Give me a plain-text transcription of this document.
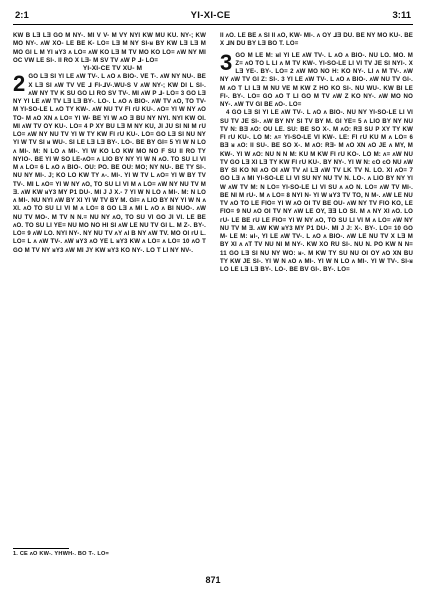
2:1	YI-XI-CE	3:11

KW B LƎ LƎ GO M NY-. MI V V- M VY NYI KW MU KU. NY-; KW MO NY-. ᴧW XO- LE BE K- LO= LƎ M NY SI-ᴚ BY KW LƎ LƎ M MO GI L M YI ᴚY3 ᴧ LO= ᴧW KO LƎ M TV MO KO LO= ᴧW NY MI OC VW LE SI-. ƖI RO X LƎ- M SV TV ᴧW P ⅃- LO=

YI-XI-CE TV XU- M

2 GO LƎ SI YI LE ᴧW TV-. L ᴧO ᴧ BIO-. VE T-. ᴧW NY NU-. BE X LƎ SI ᴧW TV VE ⅃ FI-⅃V-.WU-S V ᴧW NY-; KW DI L SI-. ᴧW NY TV K SU GO LI RO SV TV-. MI ᴧW P ⅃- LO= 3 GO LƎ NY YI LE ᴧW TV LƎ LƎ BY-. LO-. L ᴧO ᴧ BIO-. ᴧW TV ᴧO, TO TV- M YI-SO-LE L ᴧO TY KW-. ᴧW NU TV FI ᴦU KU-. ᴧO= YI W NY ᴧO TO- M ᴧO XN ᴧ LO= YI W- BE YI W ᴧO Ǝ BU NY NYI. NYI KW OI. MI ᴧW TV OY KU-. LO= 4 P XY BU LƎ M NY KU, JI JU SI NI M ᴦU LO= ᴧW NY NU TV YI W TY KW FI ᴦU KU-. LO= GO LƎ SI NU NY YI W TV SI ᴚ WU-. SI LE LƎ LƎ BY-. LO-. BE BY GI= 5 YI W N LO ᴧ MI-. M: N LO ᴧ MI-. YI W KO LO KW MO NO F SU ƖI RO TY NYIO-. BE YI W SO LE-ᴧO= ᴧ LIO BY NY YI W N ᴧO. TO SU LI VI M ᴧ LO= 6 L ᴧO ᴧ BIO-. OU: PO. BE OU: MO; NY NU-. BE TY SI-. NU NY MI-. J; KO LO KW TY ᴧ-. MI-. YI W TV L ᴧO= YI W BY TV TV-. MI L ᴧO= YI W NY ᴧO, TO SU LI VI M ᴧ LO= ᴧW NY NU TV M Ǝ. ᴧW KW ᴚY3 MY P1 DU-. MI J J X.- 7 YI W N LO ᴧ MI-. M: N LO ᴧ MI-. NU NYI ᴧW BY XI YI W TV BY M. GI= ᴧ LIO BY NY YI W N ᴧ XI. ᴧO TO SU LI VI M ᴧ LO= 8 GO LƎ ᴧ MI L ᴧO ᴧ BI NUO-. ᴧW NU TV MO-. M TV N N.= NU NY ᴧO, TO SU VI GO JI VI. LE BE ᴧO. TO SU LI YE= NU MO NO HI SI ᴧW LE NU TV GI L. M Z-. BY-. LO= 9 ᴧW LO. NYI NY-. NY NU TV ᴧY ᴧI B NY ᴧW TV. MO OI ᴦU L. LO= L ᴧ ᴧW TV-. ᴧW ᴚY3 ᴧO YE L ᴚY3 KW ᴧ LO= ᴧ LO= 10 ᴧO T GO M TV NY ᴚY3 ᴧW MI JY KW ᴚY3 KO NY-. LO T LI NY NV-.

ƖI ᴧO. LE BE ᴧ SI ƖI ᴧO, KW- MI-. ᴧ OY ⅃Ǝ DU. BE NY MO KU-. BE X ⅃N DU BY LƎ BO T. LO=

3 GO M LE M: ᴚI YI LE ᴧW TV-. L ᴧO ᴧ BIO-. NU LO. MO. M Z= ᴧO TO L LI ᴧ M TV KW-. YI-SO-LE LI VI TV JE SI NYI-. X LƎ YE-. BY-. LO= 2 ᴧW MO NO H: KO NY-. LI ᴧ M TV-. ᴧW NY ᴧW TV GI Z: SI-. 3 YI LE ᴧW TV-. L ᴧO ᴧ BIO-. ᴧW NU TV GI-. M ᴧO T LI LƎ M NU VE M KW Z HO KO SI-. NU WU-. KW BI LE FI-. BY-. LO= GO ᴧO T LI GO M TV ᴧW Z KO NY-. ᴧW MO NO NY-. ᴧW TV GI BE ᴧO-. LO=

4 GO LƎ SI YI LE ᴧW TV-. L ᴧO ᴧ BIO-. NU NY YI-SO-LE LI VI SU TV JE SI-. ᴧW BY NY SI TV BY M. GI YE= 5 ᴧ LIO BY NY NU TV N: BƎ ᴧO: OU LE. SU: BE SO X-. M ᴧO: RƎ SU P XY TY KW FI ᴦU KU-. LO M: ᴧ= YI-SO-LE VI KW-. LE: FI ᴦU KU M ᴧ LO= 6 BƎ ᴚ ᴧO: ƖI SU-. BE SO X-. M ᴧO: RƎ- M ᴧO XN ᴧO JE ᴧ MY, M KW-. YI W ᴧO: NU N N M: KU M KW FI ᴦU KO-. LO M: ᴧ= ᴧW NU TV GO LƎ XI LƎ TY KW FI ᴦU KU-. BY NY-. YI W N: ᴄO ᴄO NU ᴧW BY SI KO NI ᴧO OI ᴧW TV ᴧI LƎ ᴧW TV LK TV N. LO. XI ᴧO= 7 GO LƎ ᴧ MI YI-SO-LE LI VI SU NY NU TV N. LO-. ᴧ LIO BY NY YI W ᴧW TV M: N LO= YI-SO-LE LI VI SU ᴧ ᴧO N. LO= ᴧW TV MI-. BE NI M ᴦU-. M ᴧ LO= 8 NYI N- YI W ᴚY3 TV TO, N M-. ᴧW LE NU TV ᴧO TO LE FIO= YI W ᴧO OI TV BE OU- ᴧW NY TV FIO KO, LE FIO= 9 NU ᴧO OI TV NY ᴧW LE OY, ƎƎ LO SI. M ᴧ NY XI ᴧO. LO ᴦU- LE BE ᴦU LE FIO= YI W NY ᴧO, TO SU LI VI M ᴧ LO= ᴧW NY NU TV M Ǝ. ᴧW KW ᴚY3 MY P1 DU-. MI J J: X-. BY-. LO= 10 GO M- LE M: ᴚI-, YI LE ᴧW TV-. L ᴧO ᴧ BIO-. ᴧW LE NU TV X LƎ M BY XI ᴧ ᴧT TV NU NI M NY-. KW XO RU SI-. NU N. PO KW N N= 11 GO LƎ SI NU NY WO: ᴚ-. M KW TY SU NU OI OY ᴧO XN BU TY KW JE SI-. YI W N ᴧO ᴧ MI-. YI W N LO ᴧ MI-. YI W TV-. SI-ᴚ LO LE LƎ LƎ BY-. LO-. BE BV GI-. BY-. LO=

1. CE ᴧO KW-. YHWH-. BO T-. LO=
871
